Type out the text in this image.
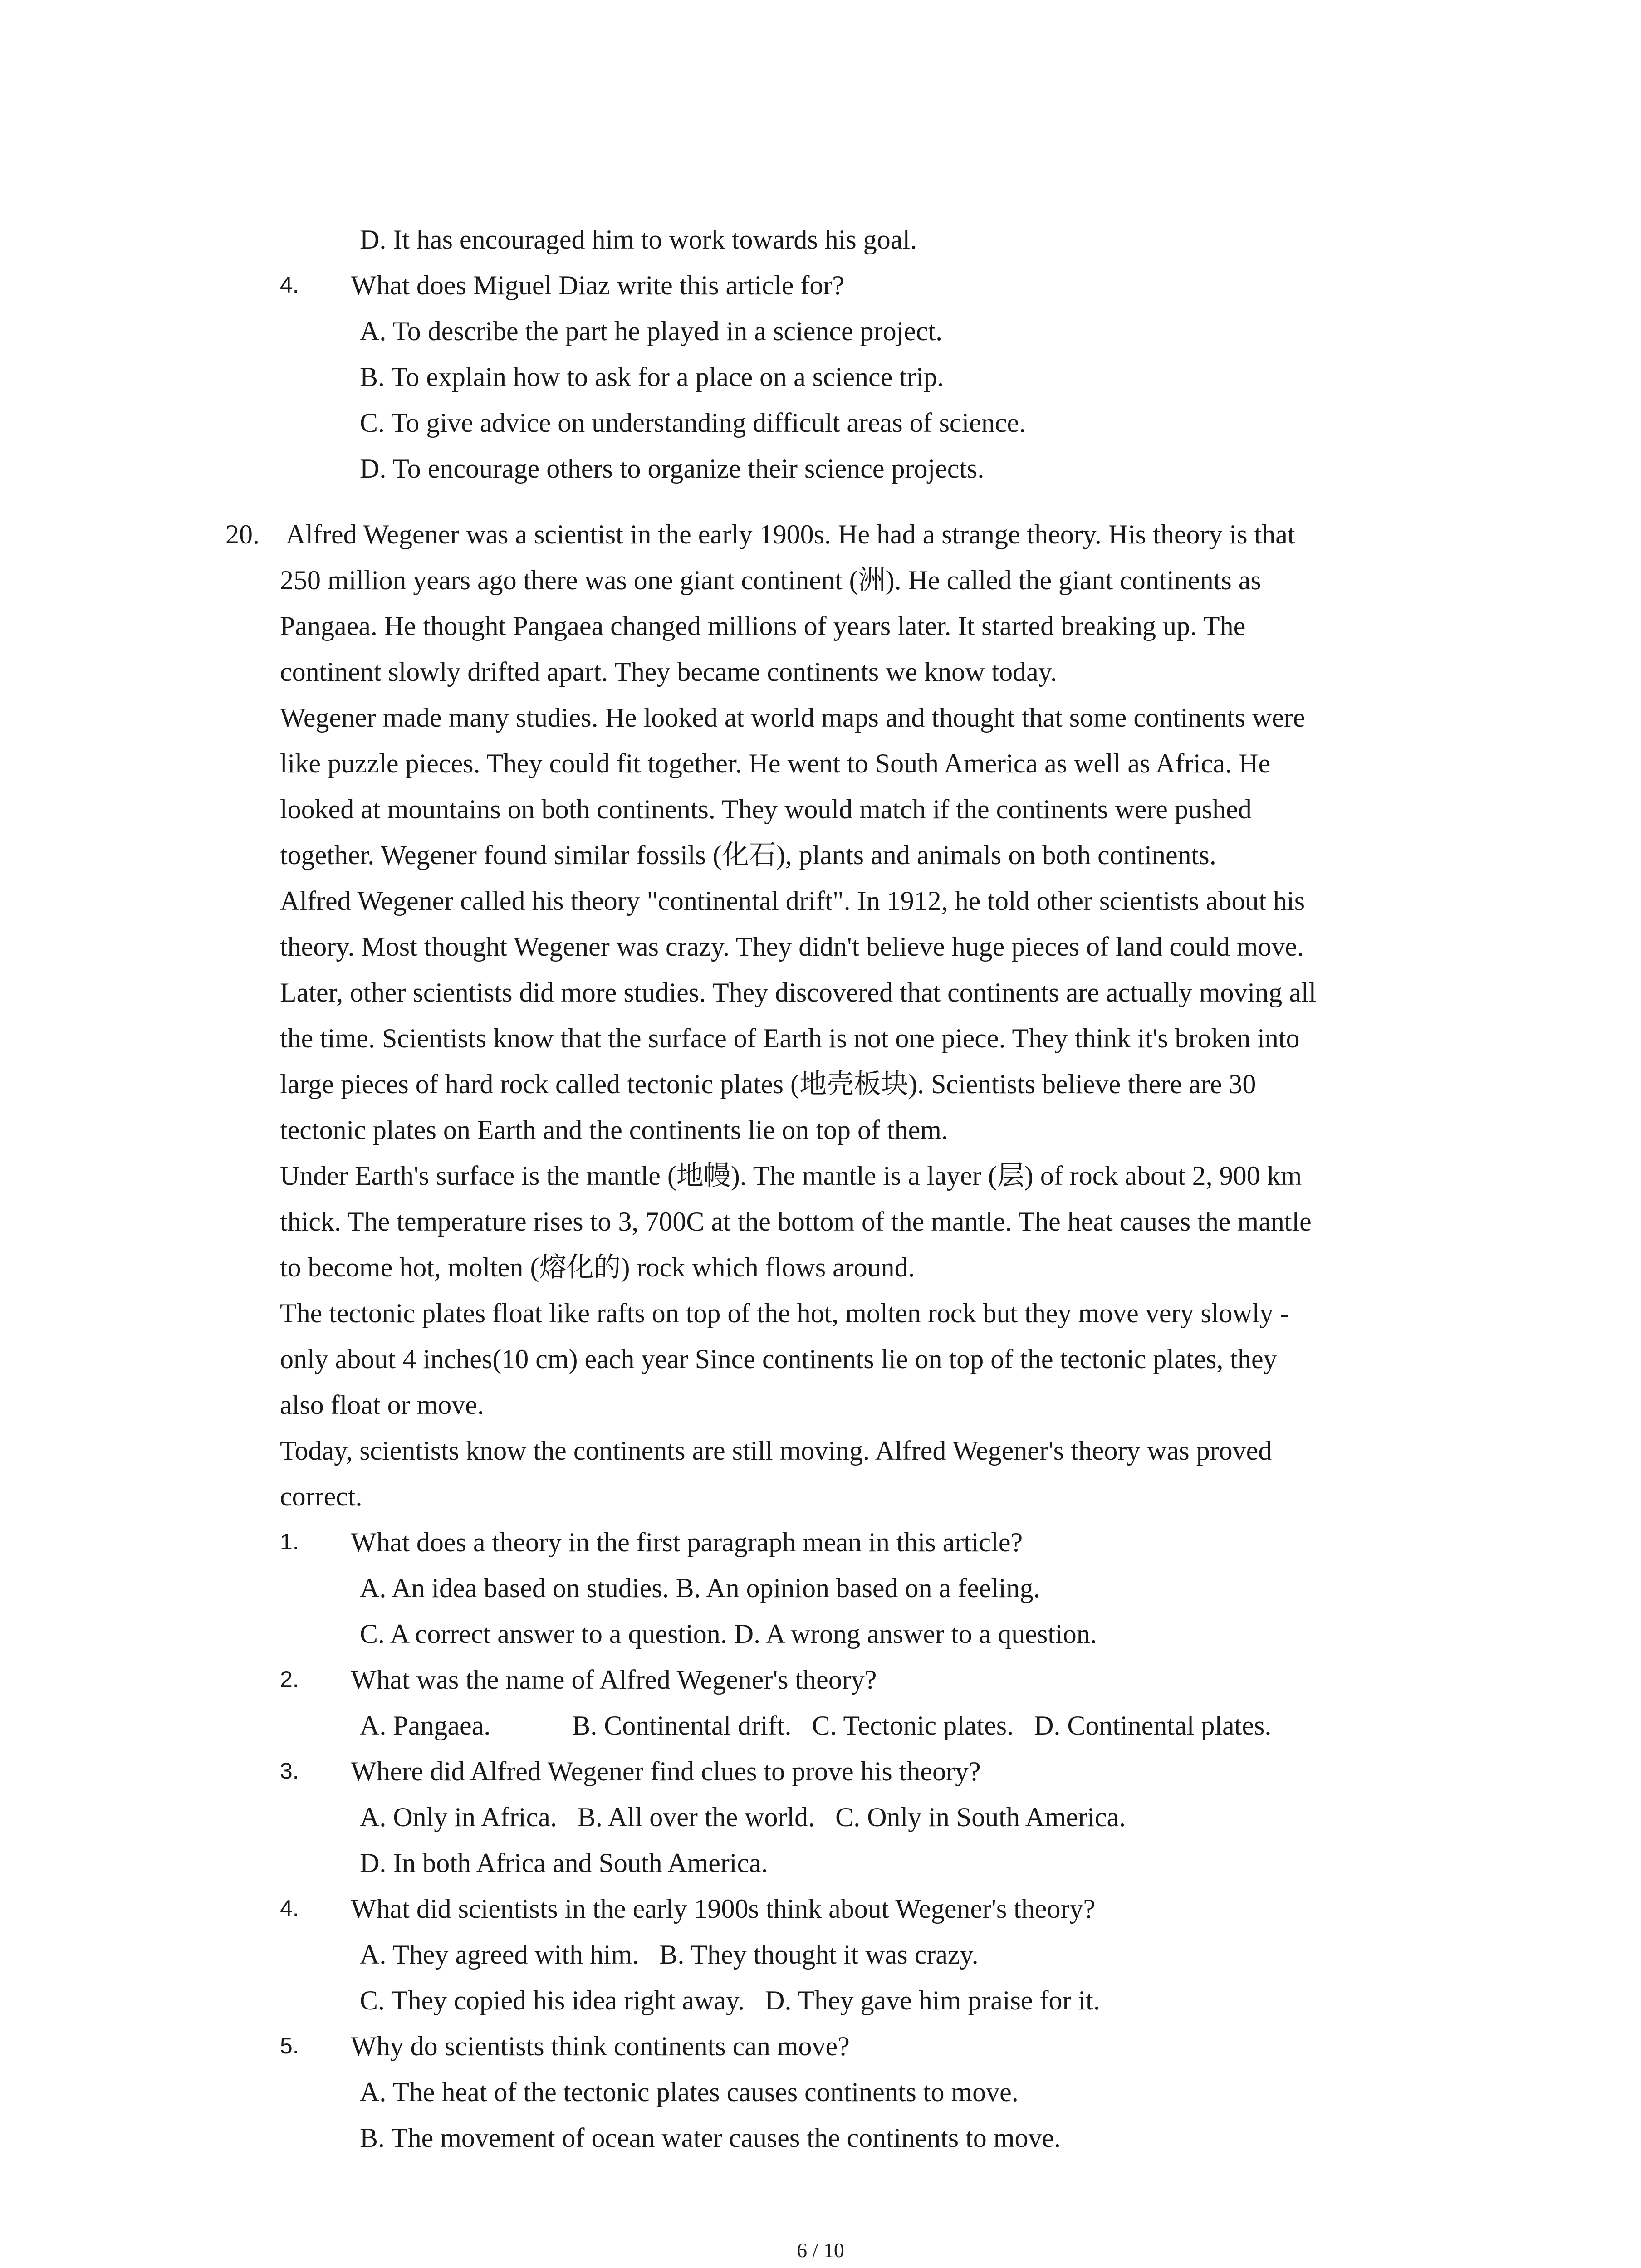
D. It has encouraged him to work towards his goal.

4. What does Miguel Diaz write this article for?

A. To describe the part he played in a science project.

B. To explain how to ask for a place on a science trip.

C. To give advice on understanding difficult areas of science.

D. To encourage others to organize their science projects.

20. Alfred Wegener was a scientist in the early 1900s. He had a strange theory. His theory is that

250 million years ago there was one giant continent (洲). He called the giant continents as

Pangaea. He thought Pangaea changed millions of years later. It started breaking up. The

continent slowly drifted apart. They became continents we know today.

Wegener made many studies. He looked at world maps and thought that some continents were

like puzzle pieces. They could fit together. He went to South America as well as Africa. He

looked at mountains on both continents. They would match if the continents were pushed

together. Wegener found similar fossils (化石), plants and animals on both continents.

Alfred Wegener called his theory "continental drift". In 1912, he told other scientists about his

theory. Most thought Wegener was crazy. They didn't believe huge pieces of land could move.

Later, other scientists did more studies. They discovered that continents are actually moving all

the time. Scientists know that the surface of Earth is not one piece. They think it's broken into

large pieces of hard rock called tectonic plates (地壳板块). Scientists believe there are 30

tectonic plates on Earth and the continents lie on top of them.

Under Earth's surface is the mantle (地幔). The mantle is a layer (层) of rock about 2, 900 km

thick. The temperature rises to 3, 700C at the bottom of the mantle. The heat causes the mantle

to become hot, molten (熔化的) rock which flows around.

The tectonic plates float like rafts on top of the hot, molten rock but they move very slowly -

only about 4 inches(10 cm) each year Since continents lie on top of the tectonic plates, they

also float or move.

Today, scientists know the continents are still moving. Alfred Wegener's theory was proved

correct.

1. What does a theory in the first paragraph mean in this article?

A. An idea based on studies. B. An opinion based on a feeling.

C. A correct answer to a question. D. A wrong answer to a question.

2. What was the name of Alfred Wegener's theory?

A. Pangaea.            B. Continental drift.   C. Tectonic plates.   D. Continental plates.

3. Where did Alfred Wegener find clues to prove his theory?

A. Only in Africa.   B. All over the world.   C. Only in South America.

D. In both Africa and South America.

4. What did scientists in the early 1900s think about Wegener's theory?

A. They agreed with him.   B. They thought it was crazy.

C. They copied his idea right away.   D. They gave him praise for it.

5. Why do scientists think continents can move?

A. The heat of the tectonic plates causes continents to move.

B. The movement of ocean water causes the continents to move.

6 / 10
